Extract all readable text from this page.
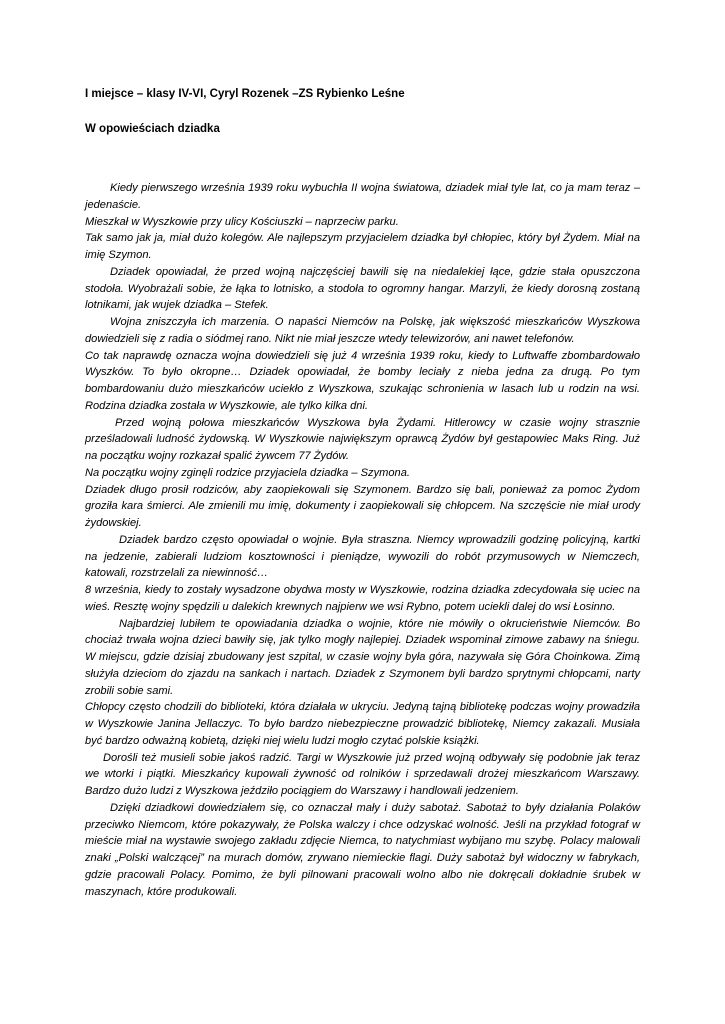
I miejsce – klasy IV-VI, Cyryl Rozenek –ZS Rybienko Leśne

W opowieściach dziadka

Kiedy pierwszego września 1939 roku wybuchła II wojna światowa, dziadek miał tyle lat, co ja mam teraz – jedenaście.

Mieszkał w Wyszkowie przy ulicy Kościuszki – naprzeciw parku.

Tak samo jak ja, miał dużo kolegów. Ale najlepszym przyjacielem dziadka był chłopiec, który był Żydem. Miał na imię Szymon.

Dziadek opowiadał, że przed wojną najczęściej bawili się na niedalekiej łące, gdzie stała opuszczona stodoła. Wyobrażali sobie, że łąka to lotnisko, a stodoła to ogromny hangar. Marzyli, że kiedy dorosną zostaną lotnikami, jak wujek dziadka – Stefek.

Wojna zniszczyła ich marzenia. O napaści Niemców na Polskę, jak większość mieszkańców Wyszkowa dowiedzieli się z radia o siódmej rano. Nikt nie miał jeszcze wtedy telewizorów, ani nawet telefonów.

Co tak naprawdę oznacza wojna dowiedzieli się już 4 września 1939 roku, kiedy to Luftwaffe zbombardowało Wyszków. To było okropne… Dziadek opowiadał, że bomby leciały z nieba jedna za drugą. Po tym bombardowaniu dużo mieszkańców uciekło z Wyszkowa, szukając schronienia w lasach lub u rodzin na wsi. Rodzina dziadka została w Wyszkowie, ale tylko kilka dni.

Przed wojną połowa mieszkańców Wyszkowa była Żydami. Hitlerowcy w czasie wojny strasznie prześladowali ludność żydowską. W Wyszkowie największym oprawcą Żydów był gestapowiec Maks Ring. Już na początku wojny rozkazał spalić żywcem 77 Żydów.

Na początku wojny zginęli rodzice przyjaciela dziadka – Szymona.

Dziadek długo prosił rodziców, aby zaopiekowali się Szymonem. Bardzo się bali, ponieważ za pomoc Żydom groziła kara śmierci. Ale zmienili mu imię, dokumenty i zaopiekowali się chłopcem. Na szczęście nie miał urody żydowskiej.

Dziadek bardzo często opowiadał o wojnie. Była straszna. Niemcy wprowadzili godzinę policyjną, kartki na jedzenie, zabierali ludziom kosztowności i pieniądze, wywozili do robót przymusowych w Niemczech, katowali, rozstrzelali za niewinność…

8 września, kiedy to zostały wysadzone obydwa mosty w Wyszkowie, rodzina dziadka zdecydowała się uciec na wieś. Resztę wojny spędzili u dalekich krewnych najpierw we wsi Rybno, potem uciekli dalej do wsi Łosinno.

Najbardziej lubiłem te opowiadania dziadka o wojnie, które nie mówiły o okrucieństwie Niemców. Bo chociaż trwała wojna dzieci bawiły się, jak tylko mogły najlepiej. Dziadek wspominał zimowe zabawy na śniegu. W miejscu, gdzie dzisiaj zbudowany jest szpital, w czasie wojny była góra, nazywała się Góra Choinkowa. Zimą służyła dzieciom do zjazdu na sankach i nartach. Dziadek z Szymonem byli bardzo sprytnymi chłopcami, narty zrobili sobie sami.

Chłopcy często chodzili do biblioteki, która działała w ukryciu. Jedyną tajną bibliotekę podczas wojny prowadziła w Wyszkowie Janina Jellaczyc. To było bardzo niebezpieczne prowadzić bibliotekę, Niemcy zakazali. Musiała być bardzo odważną kobietą, dzięki niej wielu ludzi mogło czytać polskie książki.

Dorośli też musieli sobie jakoś radzić. Targi w Wyszkowie już przed wojną odbywały się podobnie jak teraz we wtorki i piątki. Mieszkańcy kupowali żywność od rolników i sprzedawali drożej mieszkańcom Warszawy. Bardzo dużo ludzi z Wyszkowa jeździło pociągiem do Warszawy i handlowali jedzeniem.

Dzięki dziadkowi dowiedziałem się, co oznaczał mały i duży sabotaż. Sabotaż to były działania Polaków przeciwko Niemcom, które pokazywały, że Polska walczy i chce odzyskać wolność. Jeśli na przykład fotograf w mieście miał na wystawie swojego zakładu zdjęcie Niemca, to natychmiast wybijano mu szybę. Polacy malowali znaki „Polski walczącej” na murach domów, zrywano niemieckie flagi. Duży sabotaż był widoczny w fabrykach, gdzie pracowali Polacy. Pomimo, że byli pilnowani pracowali wolno albo nie dokręcali dokładnie śrubek w maszynach, które produkowali.
